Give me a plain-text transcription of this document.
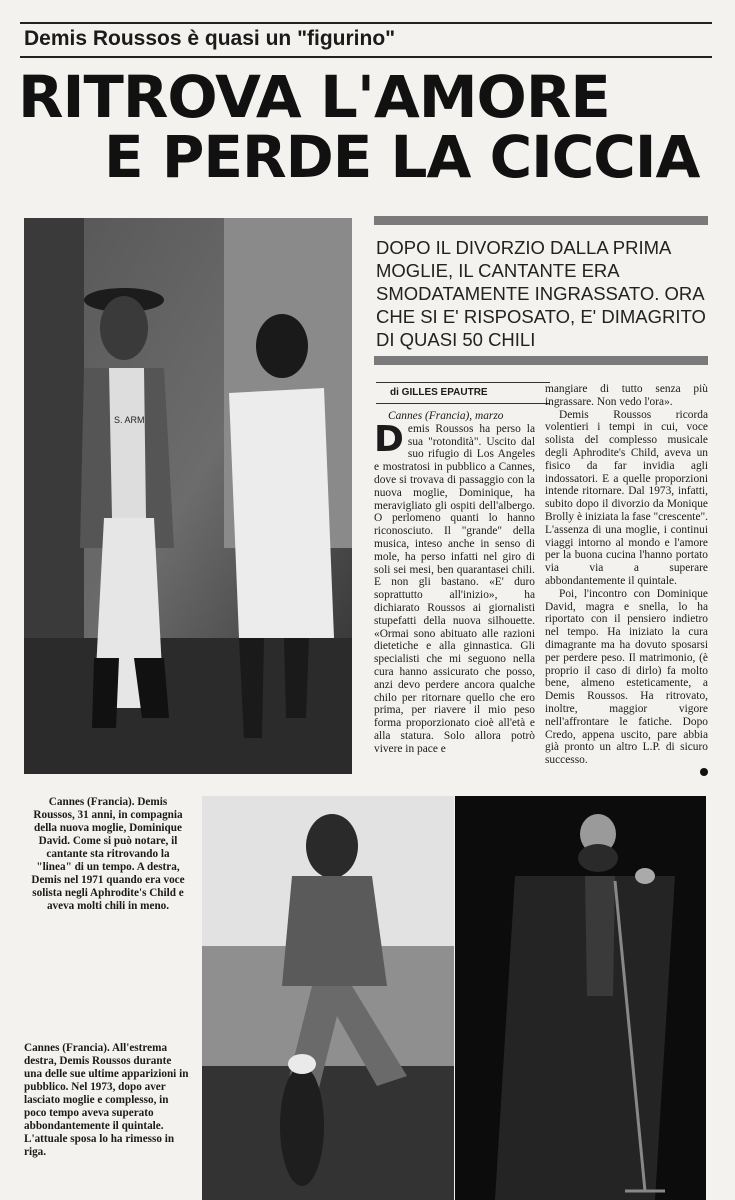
Demis Roussos è quasi un "figurino"
RITROVA L'AMORE
E PERDE LA CICCIA
S. ARM
DOPO IL DIVORZIO DALLA PRIMA MOGLIE, IL CANTANTE ERA SMODATAMENTE INGRASSATO. ORA CHE SI E' RISPOSATO, E' DIMAGRITO DI QUASI 50 CHILI
di GILLES EPAUTRE

Cannes (Francia), marzo

Demis Roussos ha perso la sua "rotondità". Uscito dal suo rifugio di Los Angeles e mostratosi in pubblico a Cannes, dove si trovava di passaggio con la nuova moglie, Dominique, ha meravigliato gli ospiti dell'albergo. O perlomeno quanti lo hanno riconosciuto. Il "grande" della musica, inteso anche in senso di mole, ha perso infatti nel giro di soli sei mesi, ben quarantasei chili. E non gli bastano. «E' duro soprattutto all'inizio», ha dichiarato Roussos ai giornalisti stupefatti della nuova silhouette. «Ormai sono abituato alle razioni dietetiche e alla ginnastica. Gli specialisti che mi seguono nella cura hanno assicurato che posso, anzi devo perdere ancora qualche chilo per ritornare quello che ero prima, per riavere il mio peso forma proporzionato cioè all'età e alla statura. Solo allora potrò vivere in pace e

mangiare di tutto senza più ingrassare. Non vedo l'ora».

Demis Roussos ricorda volentieri i tempi in cui, voce solista del complesso musicale degli Aphrodite's Child, aveva un fisico da far invidia agli indossatori. E a quelle proporzioni intende ritornare. Dal 1973, infatti, subito dopo il divorzio da Monique Brolly è iniziata la fase "crescente". L'assenza di una moglie, i continui viaggi intorno al mondo e l'amore per la buona cucina l'hanno portato via via a superare abbondantemente il quintale.

Poi, l'incontro con Dominique David, magra e snella, lo ha riportato con il pensiero indietro nel tempo. Ha iniziato la cura dimagrante ma ha dovuto sposarsi per perdere peso. Il matrimonio, (è proprio il caso di dirlo) fa molto bene, almeno esteticamente, a Demis Roussos. Ha ritrovato, inoltre, maggior vigore nell'affrontare le fatiche. Dopo Credo, appena uscito, pare abbia già pronto un altro L.P. di sicuro successo.

Cannes (Francia). Demis Roussos, 31 anni, in compagnia della nuova moglie, Dominique David. Come si può notare, il cantante sta ritrovando la "linea" di un tempo. A destra, Demis nel 1971 quando era voce solista negli Aphrodite's Child e aveva molti chili in meno.
Cannes (Francia). All'estrema destra, Demis Roussos durante una delle sue ultime apparizioni in pubblico. Nel 1973, dopo aver lasciato moglie e complesso, in poco tempo aveva superato abbondantemente il quintale. L'attuale sposa lo ha rimesso in riga.
